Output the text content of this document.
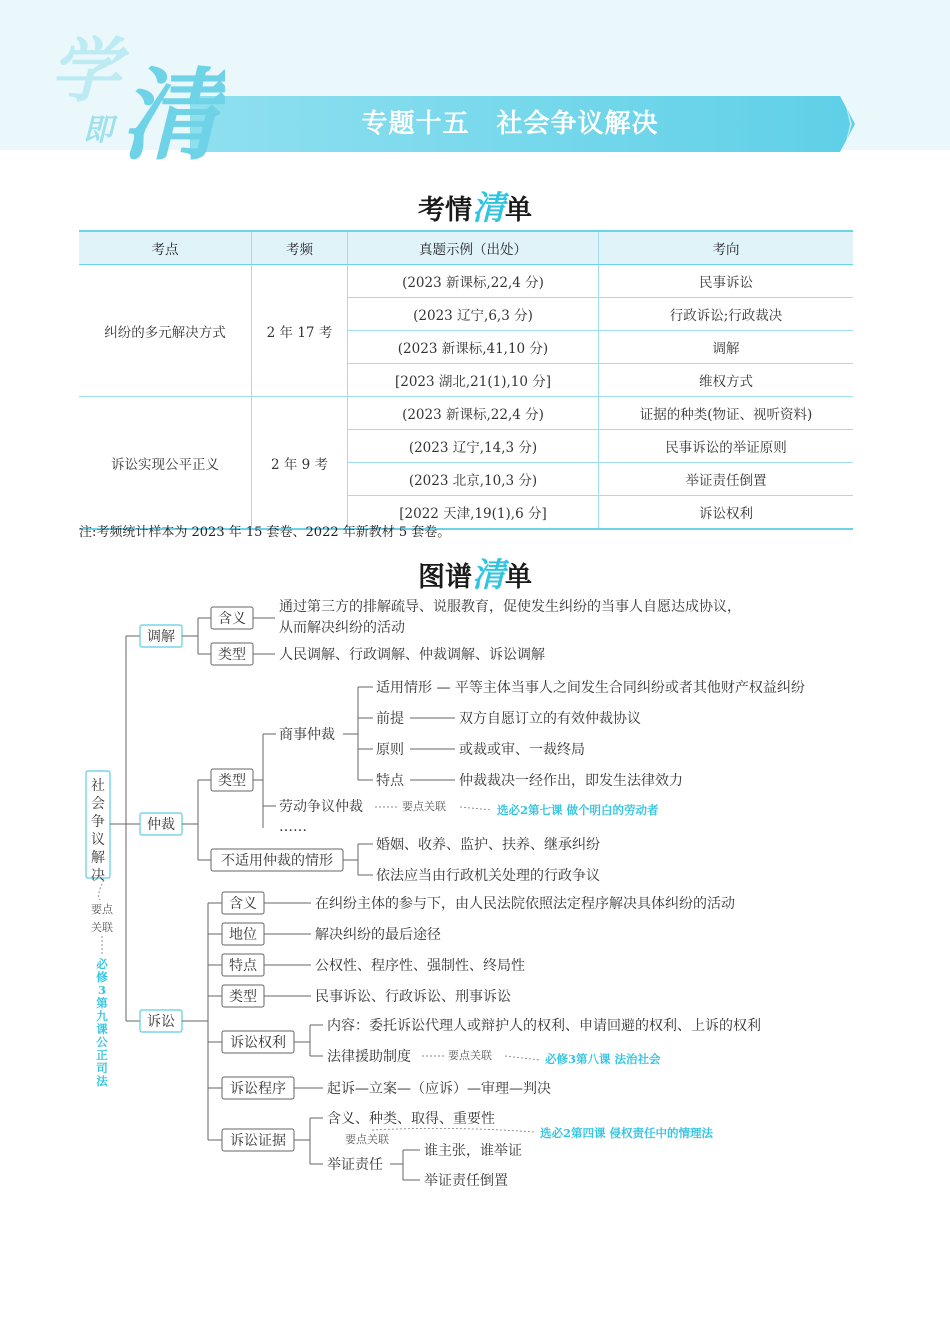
专题十五　社会争议解决
学
即 清
考情清单
考点	考频	真题示例（出处）	考向
纠纷的多元解决方式	2 年 17 考	(2023 新课标,22,4 分)	民事诉讼
		(2023 辽宁,6,3 分)	行政诉讼;行政裁决
		(2023 新课标,41,10 分)	调解
		[2023 湖北,21(1),10 分]	维权方式
诉讼实现公平正义	2 年 9 考	(2023 新课标,22,4 分)	证据的种类(物证、视听资料)
		(2023 辽宁,14,3 分)	民事诉讼的举证原则
		(2023 北京,10,3 分)	举证责任倒置
		[2022 天津,19(1),6 分]	诉讼权利
注:考频统计样本为 2023 年 15 套卷、2022 年新教材 5 套卷。
图谱清单
社
会
争
议
解
决
要点
关联
必
修
3
第
九
课
公
正
司
法
调解
仲裁
诉讼
含义
通过第三方的排解疏导、说服教育，促使发生纠纷的当事人自愿达成协议，
从而解决纠纷的活动
类型 人民调解、行政调解、仲裁调解、诉讼调解
类型
商事仲裁
适用情形 — 平等主体当事人之间发生合同纠纷或者其他财产权益纠纷
前提	双方自愿订立的有效仲裁协议
原则	或裁或审、一裁终局
特点	仲裁裁决一经作出，即发生法律效力
劳动争议仲裁	要点关联	选必2第七课 做个明白的劳动者
……
不适用仲裁的情形
婚姻、收养、监护、扶养、继承纠纷
依法应当由行政机关处理的行政争议
含义	在纠纷主体的参与下，由人民法院依照法定程序解决具体纠纷的活动
地位	解决纠纷的最后途径
特点	公权性、程序性、强制性、终局性
类型	民事诉讼、行政诉讼、刑事诉讼
诉讼权利
内容：委托诉讼代理人或辩护人的权利、申请回避的权利、上诉的权利
法律援助制度	要点关联	必修3第八课 法治社会
诉讼程序	起诉—立案—（应诉）—审理—判决
诉讼证据
含义、种类、取得、重要性
要点关联	选必2第四课 侵权责任中的情理法
举证责任
谁主张，谁举证
举证责任倒置
